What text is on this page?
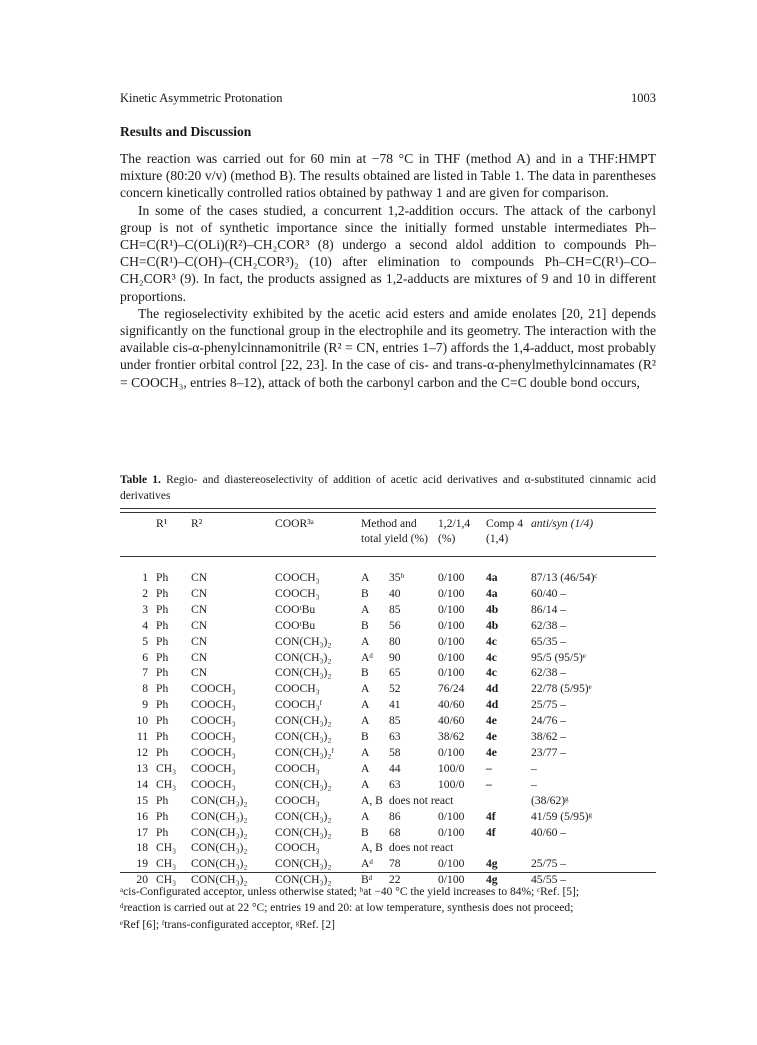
Kinetic Asymmetric Protonation	1003
Results and Discussion

The reaction was carried out for 60 min at −78 °C in THF (method A) and in a THF:HMPT mixture (80:20 v/v) (method B). The results obtained are listed in Table 1. The data in parentheses concern kinetically controlled ratios obtained by pathway 1 and are given for comparison.

In some of the cases studied, a concurrent 1,2-addition occurs. The attack of the carbonyl group is not of synthetic importance since the initially formed unstable intermediates Ph–CH=C(R¹)–C(OLi)(R²)–CH₂COR³ (8) undergo a second aldol addition to compounds Ph–CH=C(R¹)–C(OH)–(CH₂COR³)₂ (10) after elimination to compounds Ph–CH=C(R¹)–CO–CH₂COR³ (9). In fact, the products assigned as 1,2-adducts are mixtures of 9 and 10 in different proportions.

The regioselectivity exhibited by the acetic acid esters and amide enolates [20, 21] depends significantly on the functional group in the electrophile and its geometry. The interaction with the available cis-α-phenylcinnamonitrile (R² = CN, entries 1–7) affords the 1,4-adduct, most probably under frontier orbital control [22, 23]. In the case of cis- and trans-α-phenylmethylcinnamates (R² = COOCH₃, entries 8–12), attack of both the carbonyl carbon and the C=C double bond occurs,

Table 1. Regio- and diastereoselectivity of addition of acetic acid derivatives and α-substituted cinnamic acid derivatives
	R¹	R²	COOR³ᵃ	Method and total yield (%)		1,2/1,4 (%)	Comp 4 (1,4)	anti/syn (1/4)
1	Ph	CN	COOCH₃	A	35ᵇ	0/100	4a	87/13 (46/54)ᶜ
2	Ph	CN	COOCH₃	B	40	0/100	4a	60/40 –
3	Ph	CN	COOᵗBu	A	85	0/100	4b	86/14 –
4	Ph	CN	COOᵗBu	B	56	0/100	4b	62/38 –
5	Ph	CN	CON(CH₃)₂	A	80	0/100	4c	65/35 –
6	Ph	CN	CON(CH₃)₂	Aᵈ	90	0/100	4c	95/5 (95/5)ᵉ
7	Ph	CN	CON(CH₃)₂	B	65	0/100	4c	62/38 –
8	Ph	COOCH₃	COOCH₃	A	52	76/24	4d	22/78 (5/95)ᵉ
9	Ph	COOCH₃	COOCH₃ᶠ	A	41	40/60	4d	25/75 –
10	Ph	COOCH₃	CON(CH₃)₂	A	85	40/60	4e	24/76 –
11	Ph	COOCH₃	CON(CH₃)₂	B	63	38/62	4e	38/62 –
12	Ph	COOCH₃	CON(CH₃)₂ᶠ	A	58	0/100	4e	23/77 –
13	CH₃	COOCH₃	COOCH₃	A	44	100/0	–	–
14	CH₃	COOCH₃	CON(CH₃)₂	A	63	100/0	–	–
15	Ph	CON(CH₃)₂	COOCH₃	A, B	does not react			(38/62)ᵍ
16	Ph	CON(CH₃)₂	CON(CH₃)₂	A	86	0/100	4f	41/59 (5/95)ᵍ
17	Ph	CON(CH₃)₂	CON(CH₃)₂	B	68	0/100	4f	40/60 –
18	CH₃	CON(CH₃)₂	COOCH₃	A, B	does not react			
19	CH₃	CON(CH₃)₂	CON(CH₃)₂	Aᵈ	78	0/100	4g	25/75 –
20	CH₃	CON(CH₃)₂	CON(CH₃)₂	Bᵈ	22	0/100	4g	45/55 –

ᵃcis-Configurated acceptor, unless otherwise stated; ᵇat −40 °C the yield increases to 84%; ᶜRef. [5];

ᵈreaction is carried out at 22 °C; entries 19 and 20: at low temperature, synthesis does not proceed;

ᵉRef [6]; ᶠtrans-configurated acceptor, ᵍRef. [2]
